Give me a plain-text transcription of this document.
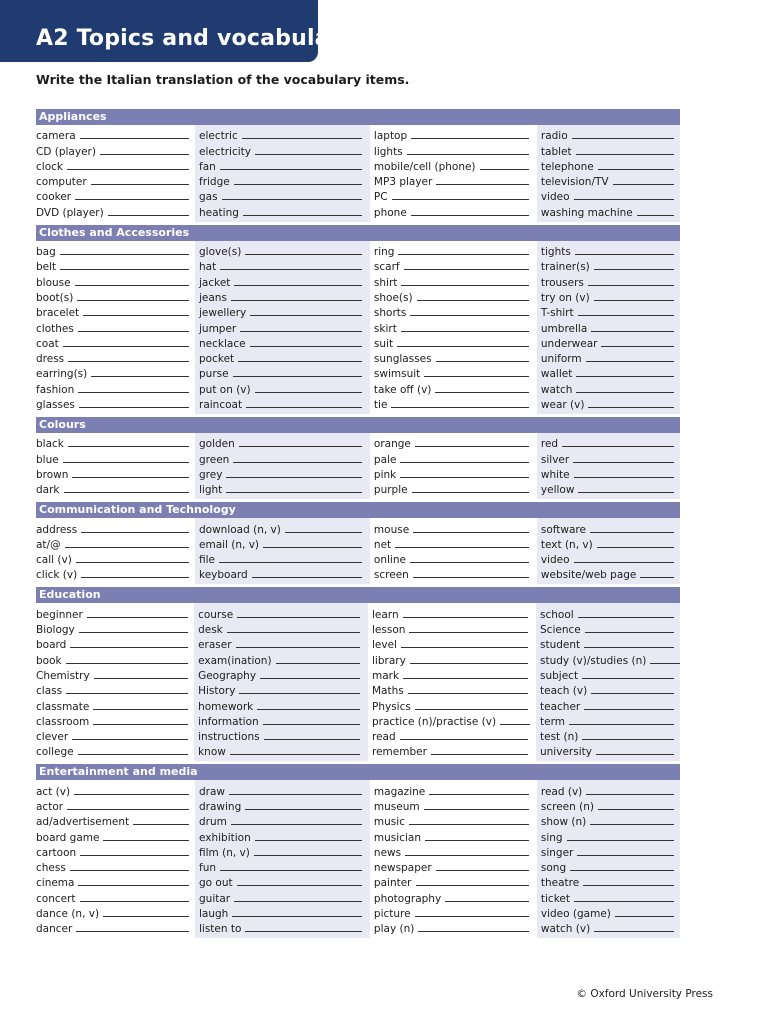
A2 Topics and vocabulary
Write the Italian translation of the vocabulary items.
Appliances
camera
CD (player)
clock
computer
cooker
DVD (player)
electric
electricity
fan
fridge
gas
heating
laptop
lights
mobile/cell (phone)
MP3 player
PC
phone
radio
tablet
telephone
television/TV
video
washing machine
Clothes and Accessories
bag
belt
blouse
boot(s)
bracelet
clothes
coat
dress
earring(s)
fashion
glasses
glove(s)
hat
jacket
jeans
jewellery
jumper
necklace
pocket
purse
put on (v)
raincoat
ring
scarf
shirt
shoe(s)
shorts
skirt
suit
sunglasses
swimsuit
take off (v)
tie
tights
trainer(s)
trousers
try on (v)
T-shirt
umbrella
underwear
uniform
wallet
watch
wear (v)
Colours
black
blue
brown
dark
golden
green
grey
light
orange
pale
pink
purple
red
silver
white
yellow
Communication and Technology
address
at/@
call (v)
click (v)
download (n, v)
email (n, v)
file
keyboard
mouse
net
online
screen
software
text (n, v)
video
website/web page
Education
beginner
Biology
board
book
Chemistry
class
classmate
classroom
clever
college
course
desk
eraser
exam(ination)
Geography
History
homework
information
instructions
know
learn
lesson
level
library
mark
Maths
Physics
practice (n)/practise (v)
read
remember
school
Science
student
study (v)/studies (n)
subject
teach (v)
teacher
term
test (n)
university
Entertainment and media
act (v)
actor
ad/advertisement
board game
cartoon
chess
cinema
concert
dance (n, v)
dancer
draw
drawing
drum
exhibition
film (n, v)
fun
go out
guitar
laugh
listen to
magazine
museum
music
musician
news
newspaper
painter
photography
picture
play (n)
read (v)
screen (n)
show (n)
sing
singer
song
theatre
ticket
video (game)
watch (v)
© Oxford University Press
